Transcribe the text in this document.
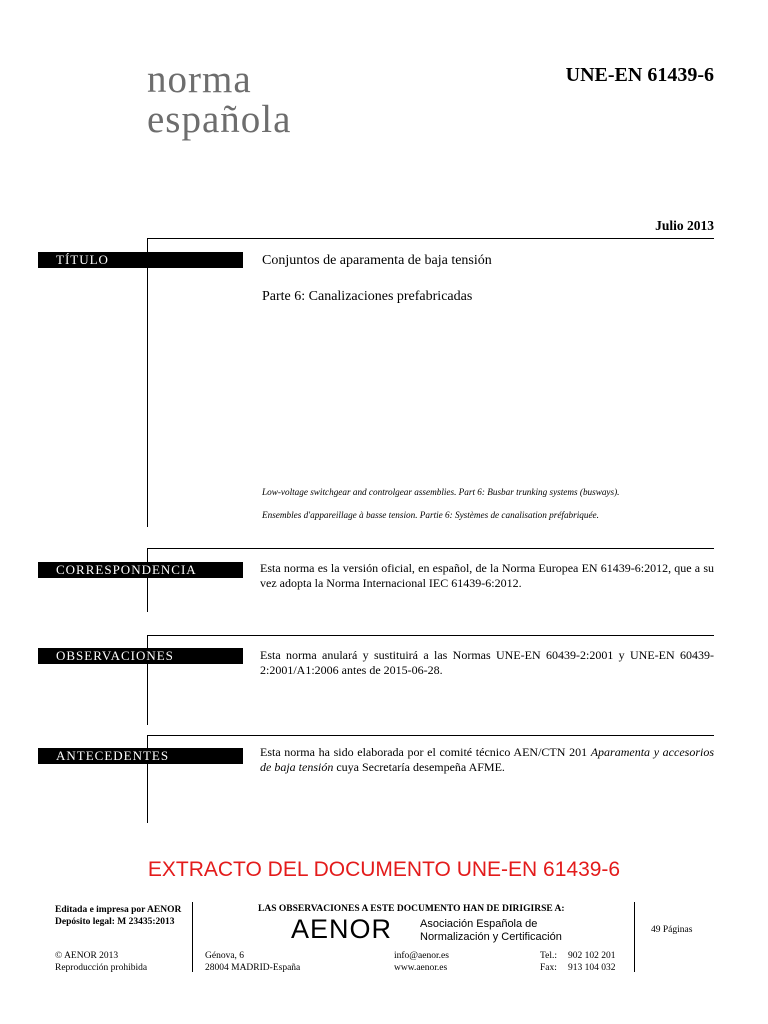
norma
española
UNE-EN 61439-6
Julio 2013
TÍTULO	Conjuntos de aparamenta de baja tensión
Parte 6: Canalizaciones prefabricadas
Low-voltage switchgear and controlgear assemblies. Part 6: Busbar trunking systems (busways).
Ensembles d'appareillage à basse tension. Partie 6: Systèmes de canalisation préfabriquée.
CORRESPONDENCIA	Esta norma es la versión oficial, en español, de la Norma Europea EN 61439-6:2012, que a su vez adopta la Norma Internacional IEC 61439-6:2012.
OBSERVACIONES	Esta norma anulará y sustituirá a las Normas UNE-EN 60439-2:2001 y UNE-EN 60439-2:2001/A1:2006 antes de 2015-06-28.
ANTECEDENTES	Esta norma ha sido elaborada por el comité técnico AEN/CTN 201 Aparamenta y accesorios de baja tensión cuya Secretaría desempeña AFME.
EXTRACTO DEL DOCUMENTO UNE-EN 61439-6
Editada e impresa por AENOR
Depósito legal: M 23435:2013
LAS OBSERVACIONES A ESTE DOCUMENTO HAN DE DIRIGIRSE A:
AENOR	Asociación Española de
Normalización y Certificación
49 Páginas
© AENOR 2013
Reproducción prohibida
Génova, 6
28004 MADRID-España
info@aenor.es
www.aenor.es
Tel.: 902 102 201
Fax: 913 104 032
